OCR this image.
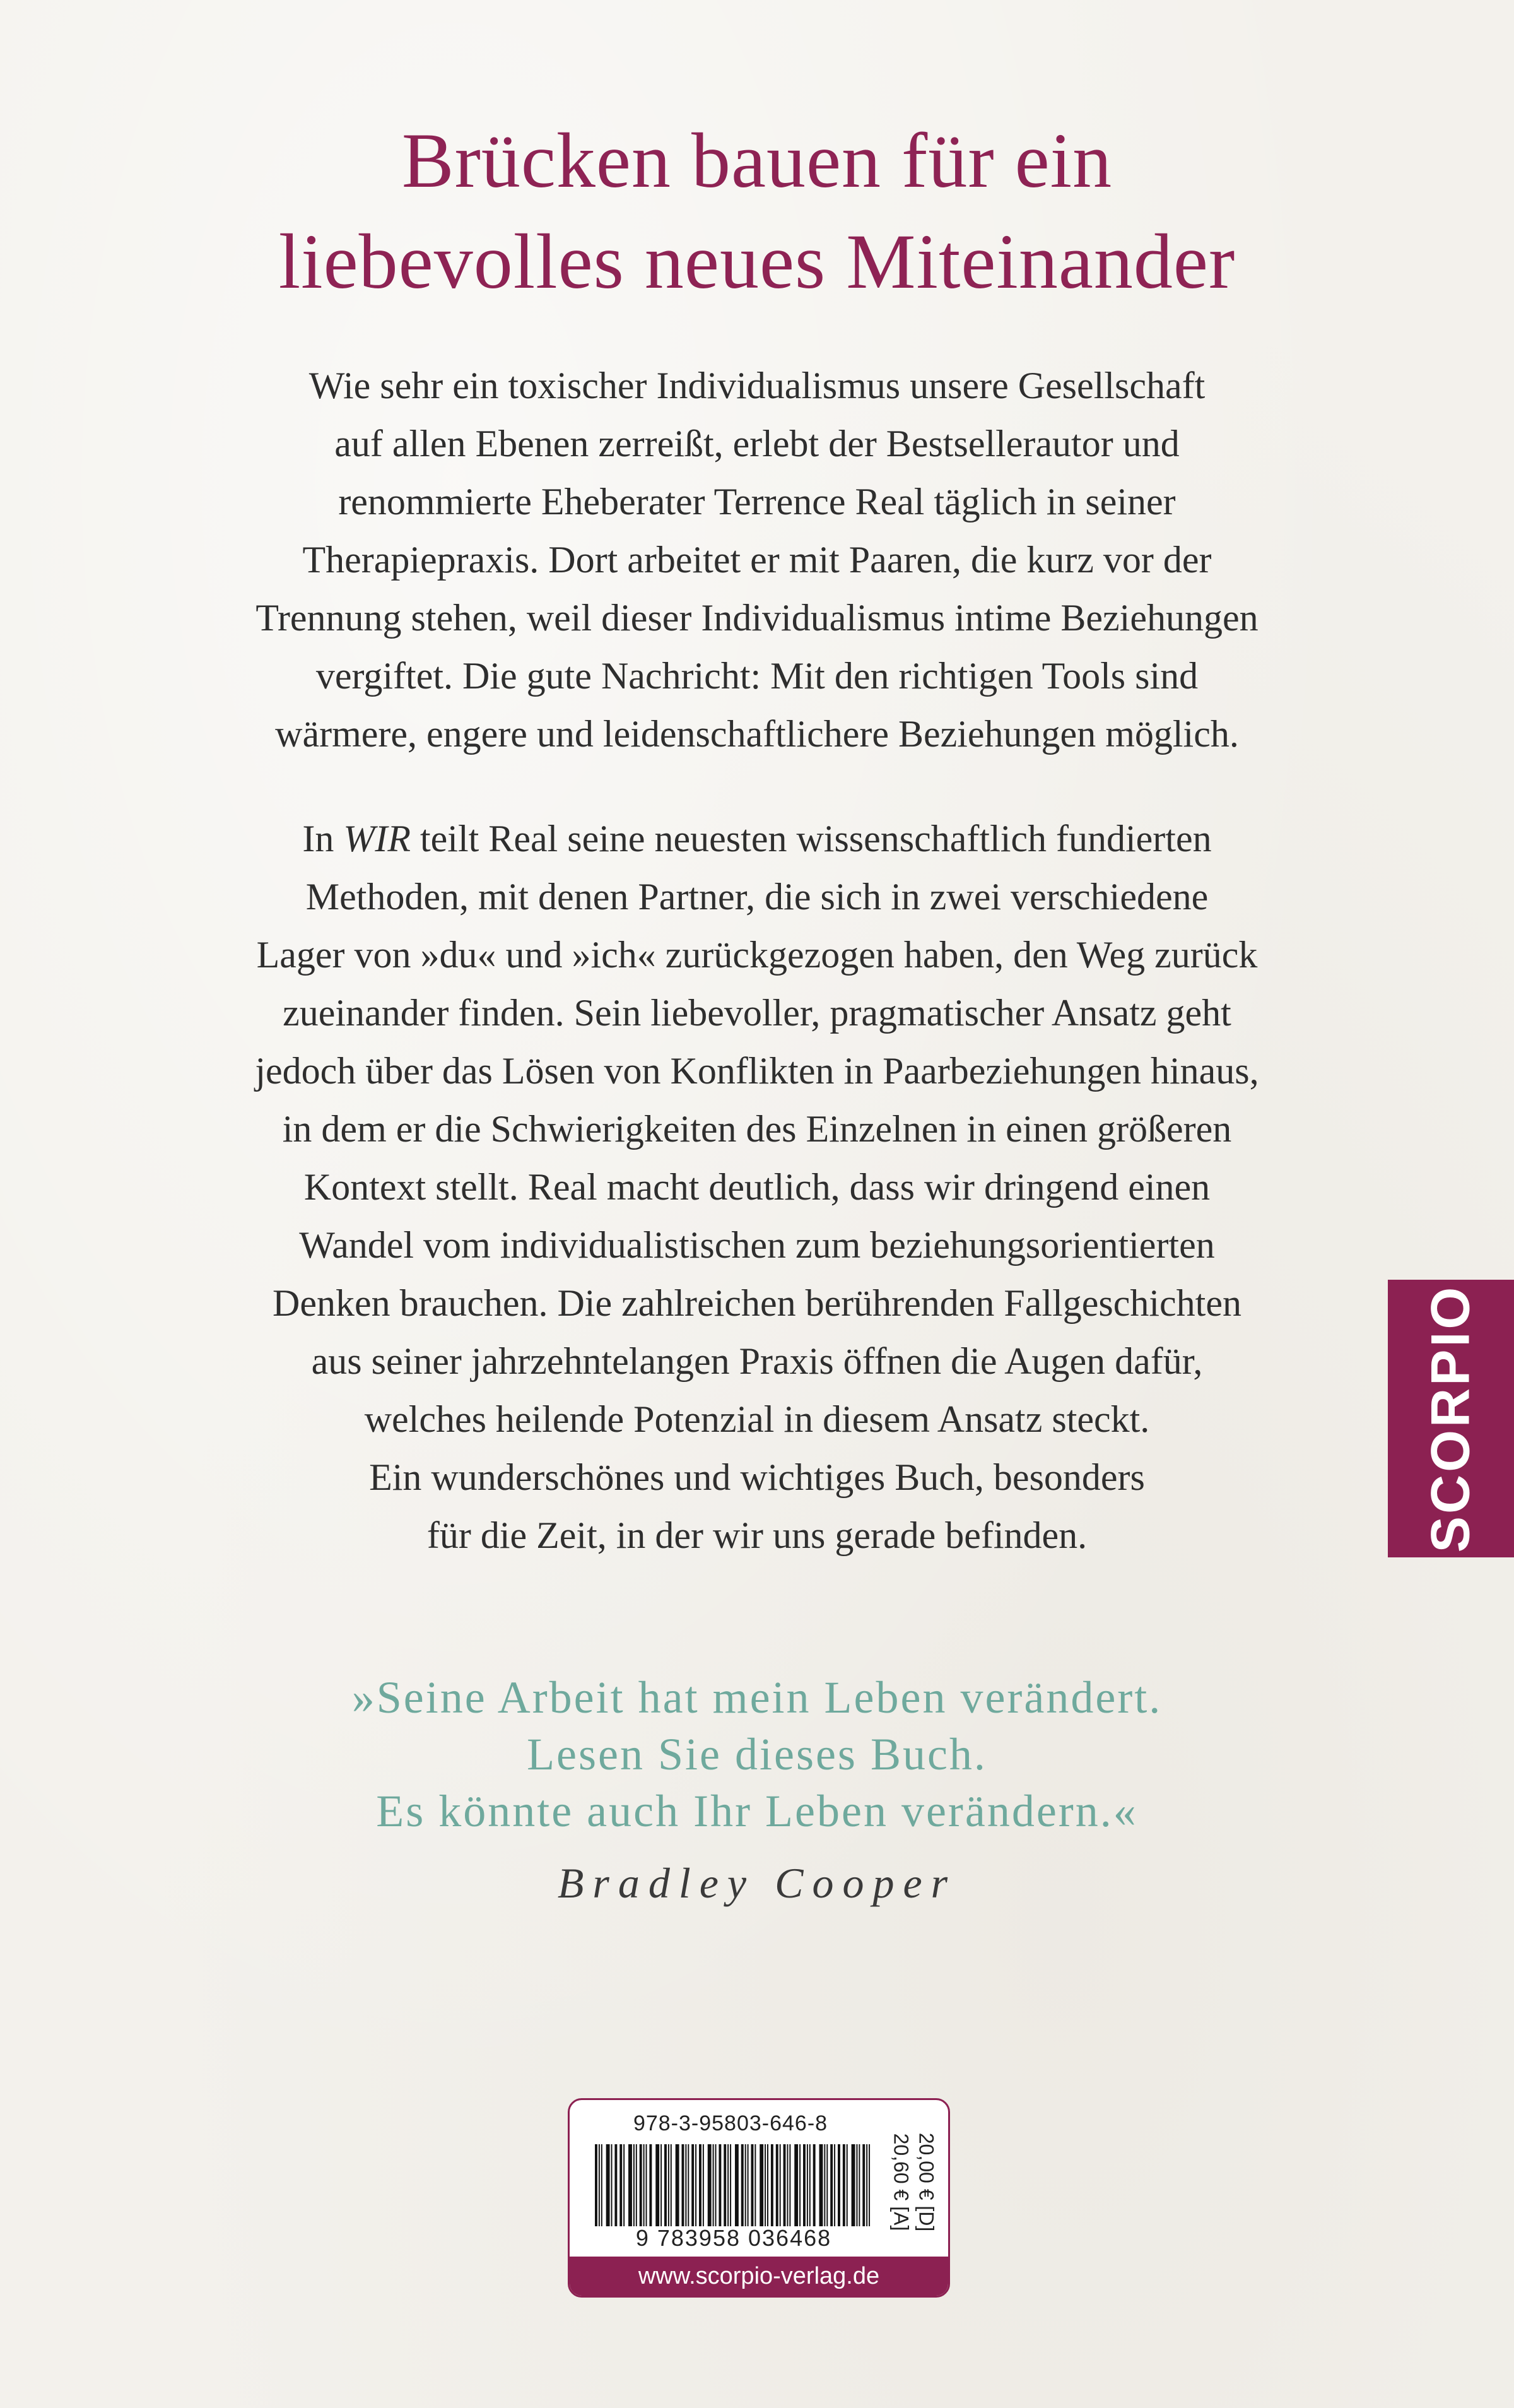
Brücken bauen für ein
liebevolles neues Miteinander
Wie sehr ein toxischer Individualismus unsere Gesellschaft
auf allen Ebenen zerreißt, erlebt der Bestsellerautor und
renommierte Eheberater Terrence Real täglich in seiner
Therapiepraxis. Dort arbeitet er mit Paaren, die kurz vor der
Trennung stehen, weil dieser Individualismus intime Beziehungen
vergiftet. Die gute Nachricht: Mit den richtigen Tools sind
wärmere, engere und leidenschaftlichere Beziehungen möglich.
In WIR teilt Real seine neuesten wissenschaftlich fundierten
Methoden, mit denen Partner, die sich in zwei verschiedene
Lager von »du« und »ich« zurückgezogen haben, den Weg zurück
zueinander finden. Sein liebevoller, pragmatischer Ansatz geht
jedoch über das Lösen von Konflikten in Paarbeziehungen hinaus,
in dem er die Schwierigkeiten des Einzelnen in einen größeren
Kontext stellt. Real macht deutlich, dass wir dringend einen
Wandel vom individualistischen zum beziehungsorientierten
Denken brauchen. Die zahlreichen berührenden Fallgeschichten
aus seiner jahrzehntelangen Praxis öffnen die Augen dafür,
welches heilende Potenzial in diesem Ansatz steckt.
Ein wunderschönes und wichtiges Buch, besonders
für die Zeit, in der wir uns gerade befinden.
»Seine Arbeit hat mein Leben verändert.
Lesen Sie dieses Buch.
Es könnte auch Ihr Leben verändern.«
Bradley Cooper
SCORPIO
978-3-95803-646-8
9 783958 036468
20,00 € [D]
20,60 € [A]
www.scorpio-verlag.de
